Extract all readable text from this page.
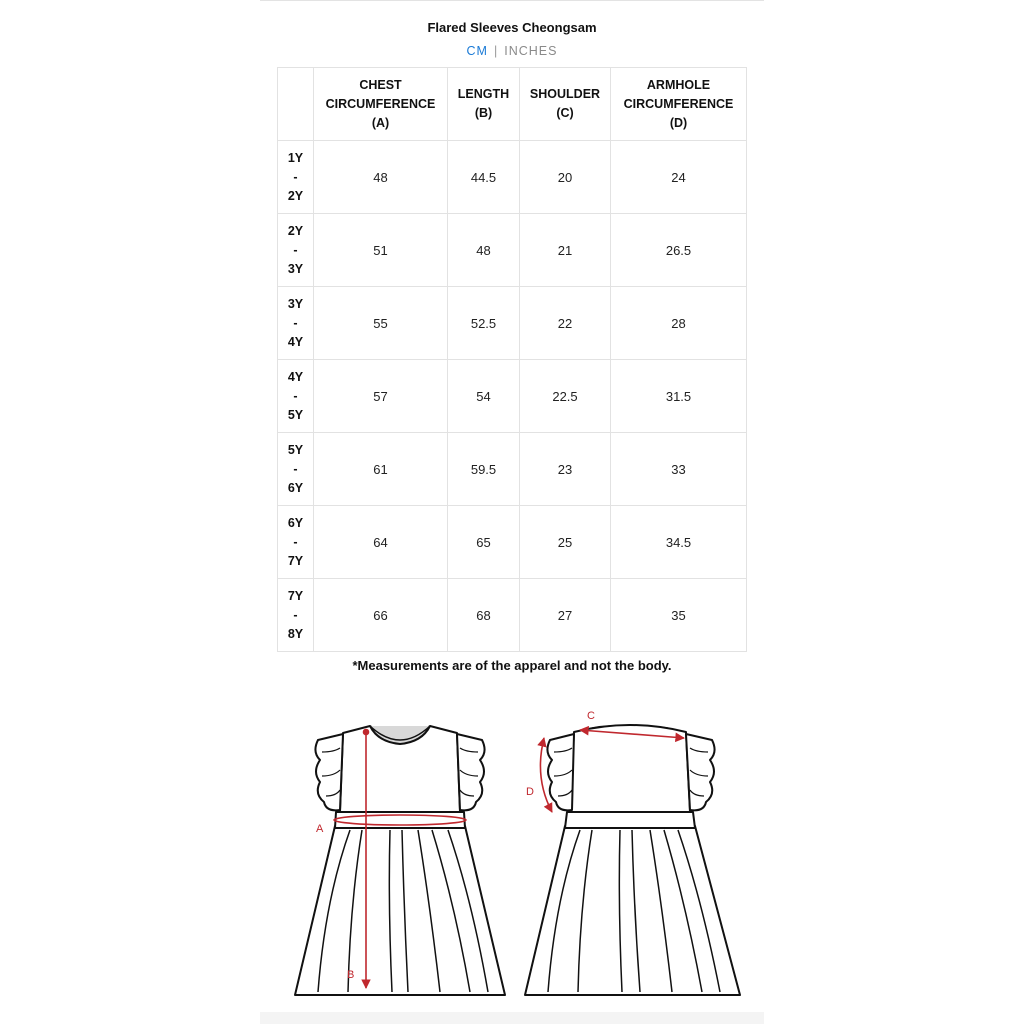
Flared Sleeves Cheongsam
CM | INCHES
	CHEST
CIRCUMFERENCE
(A)	LENGTH
(B)	SHOULDER
(C)	ARMHOLE
CIRCUMFERENCE
(D)
1Y
-
2Y	48	44.5	20	24
2Y
-
3Y	51	48	21	26.5
3Y
-
4Y	55	52.5	22	28
4Y
-
5Y	57	54	22.5	31.5
5Y
-
6Y	61	59.5	23	33
6Y
-
7Y	64	65	25	34.5
7Y
-
8Y	66	68	27	35
*Measurements are of the apparel and not the body.
A
B
C
D
